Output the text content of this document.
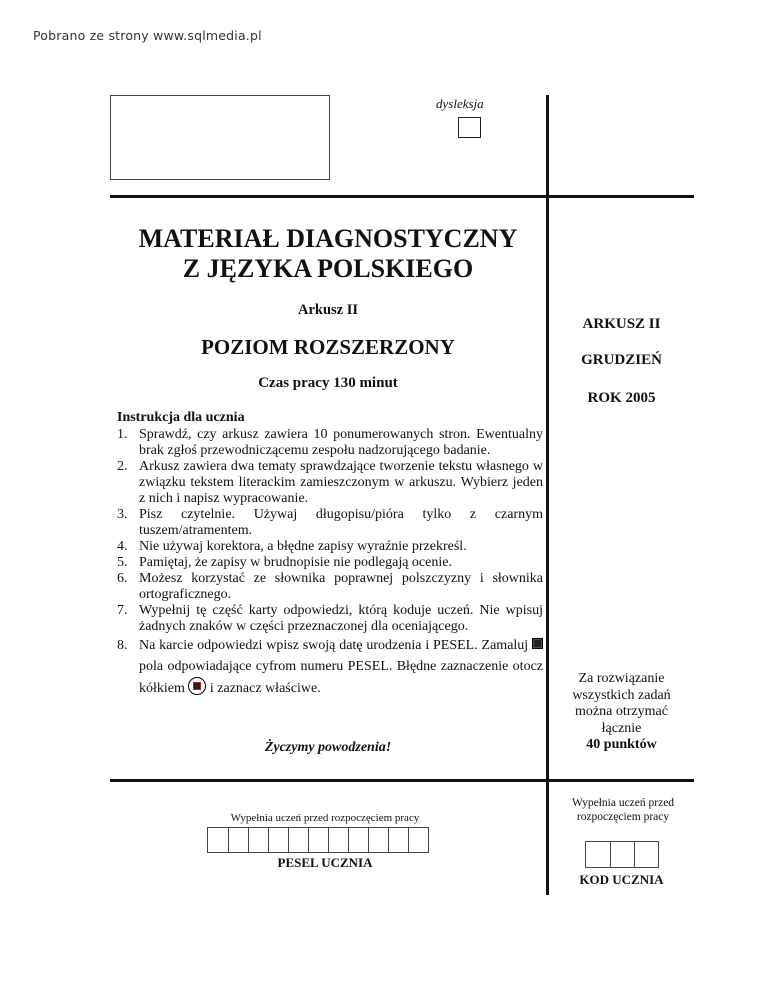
Pobrano ze strony www.sqlmedia.pl
dysleksja
MATERIAŁ DIAGNOSTYCZNY
Z JĘZYKA POLSKIEGO
Arkusz II
POZIOM ROZSZERZONY
Czas pracy 130 minut
ARKUSZ II
GRUDZIEŃ
ROK 2005
Instrukcja dla ucznia
1. Sprawdź, czy arkusz zawiera 10 ponumerowanych stron. Ewentualny brak zgłoś przewodniczącemu zespołu nadzorującego badanie.
2. Arkusz zawiera dwa tematy sprawdzające tworzenie tekstu własnego w związku tekstem literackim zamieszczonym w arkuszu. Wybierz jeden z nich i napisz wypracowanie.
3. Pisz czytelnie. Używaj długopisu/pióra tylko z czarnym tuszem/atramentem.
4. Nie używaj korektora, a błędne zapisy wyraźnie przekreśl.
5. Pamiętaj, że zapisy w brudnopisie nie podlegają ocenie.
6. Możesz korzystać ze słownika poprawnej polszczyzny i słownika ortograficznego.
7. Wypełnij tę część karty odpowiedzi, którą koduje uczeń. Nie wpisuj żadnych znaków w części przeznaczonej dla oceniającego.
8. Na karcie odpowiedzi wpisz swoją datę urodzenia i PESEL. Zamaluj  pola odpowiadające cyfrom numeru PESEL. Błędne zaznaczenie otocz kółkiem i zaznacz właściwe.
Życzymy powodzenia!
Za rozwiązanie
wszystkich zadań
można otrzymać
łącznie
40 punktów
Wypełnia uczeń przed rozpoczęciem pracy
PESEL UCZNIA
Wypełnia uczeń przed rozpoczęciem pracy
KOD UCZNIA
